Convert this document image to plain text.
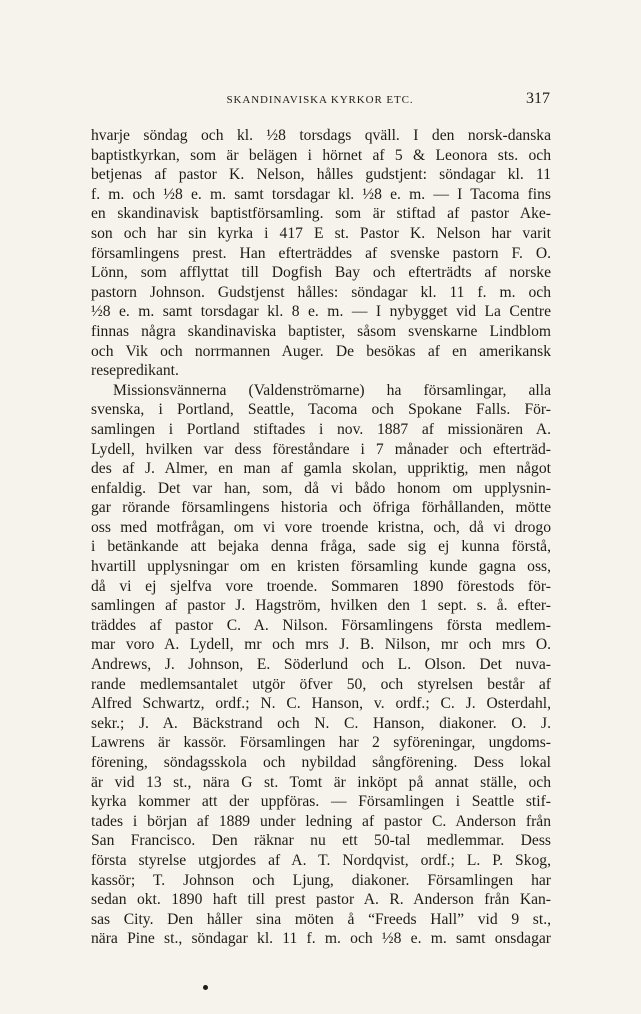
SKANDINAVISKA KYRKOR ETC.	317
hvarje söndag och kl. ½8 torsdags qväll. I den norsk-danska
baptistkyrkan, som är belägen i hörnet af 5 & Leonora sts. och
betjenas af pastor K. Nelson, hålles gudstjent: söndagar kl. 11
f. m. och ½8 e. m. samt torsdagar kl. ½8 e. m. — I Tacoma fins
en skandinavisk baptistförsamling. som är stiftad af pastor Ake-
son och har sin kyrka i 417 E st. Pastor K. Nelson har varit
församlingens prest. Han efterträddes af svenske pastorn F. O.
Lönn, som afflyttat till Dogfish Bay och efterträdts af norske
pastorn Johnson. Gudstjenst hålles: söndagar kl. 11 f. m. och
½8 e. m. samt torsdagar kl. 8 e. m. — I nybygget vid La Centre
finnas några skandinaviska baptister, såsom svenskarne Lindblom
och Vik och norrmannen Auger. De besökas af en amerikansk
resepredikant.
Missionsvännerna (Valdenströmarne) ha församlingar, alla
svenska, i Portland, Seattle, Tacoma och Spokane Falls. För-
samlingen i Portland stiftades i nov. 1887 af missionären A.
Lydell, hvilken var dess föreståndare i 7 månader och efterträd-
des af J. Almer, en man af gamla skolan, uppriktig, men något
enfaldig. Det var han, som, då vi bådo honom om upplysnin-
gar rörande församlingens historia och öfriga förhållanden, mötte
oss med motfrågan, om vi vore troende kristna, och, då vi drogo
i betänkande att bejaka denna fråga, sade sig ej kunna förstå,
hvartill upplysningar om en kristen församling kunde gagna oss,
då vi ej sjelfva vore troende. Sommaren 1890 förestods för-
samlingen af pastor J. Hagström, hvilken den 1 sept. s. å. efter-
träddes af pastor C. A. Nilson. Församlingens första medlem-
mar voro A. Lydell, mr och mrs J. B. Nilson, mr och mrs O.
Andrews, J. Johnson, E. Söderlund och L. Olson. Det nuva-
rande medlemsantalet utgör öfver 50, och styrelsen består af
Alfred Schwartz, ordf.; N. C. Hanson, v. ordf.; C. J. Osterdahl,
sekr.; J. A. Bäckstrand och N. C. Hanson, diakoner. O. J.
Lawrens är kassör. Församlingen har 2 syföreningar, ungdoms-
förening, söndagsskola och nybildad sångförening. Dess lokal
är vid 13 st., nära G st. Tomt är inköpt på annat ställe, och
kyrka kommer att der uppföras. — Församlingen i Seattle stif-
tades i början af 1889 under ledning af pastor C. Anderson från
San Francisco. Den räknar nu ett 50-tal medlemmar. Dess
första styrelse utgjordes af A. T. Nordqvist, ordf.; L. P. Skog,
kassör; T. Johnson och Ljung, diakoner. Församlingen har
sedan okt. 1890 haft till prest pastor A. R. Anderson från Kan-
sas City. Den håller sina möten å “Freeds Hall” vid 9 st.,
nära Pine st., söndagar kl. 11 f. m. och ½8 e. m. samt onsdagar
